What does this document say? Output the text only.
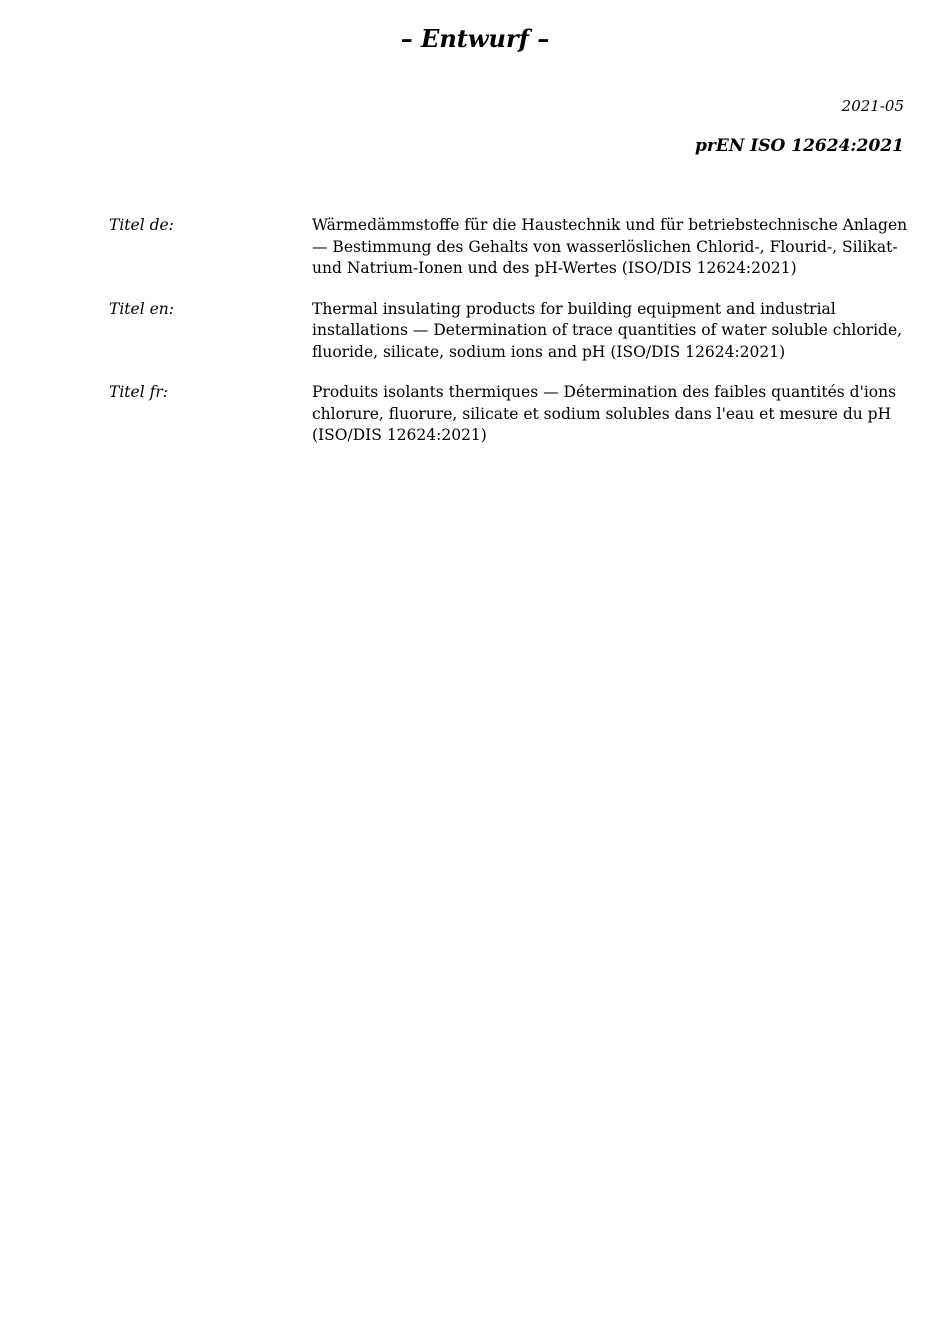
– Entwurf –
2021-05
prEN ISO 12624:2021
Titel de:	Wärmedämmstoffe für die Haustechnik und für betriebstechnische Anlagen — Bestimmung des Gehalts von wasserlöslichen Chlorid-, Flourid-, Silikat- und Natrium-Ionen und des pH-Wertes (ISO/DIS 12624:2021)
Titel en:	Thermal insulating products for building equipment and industrial installations — Determination of trace quantities of water soluble chloride, fluoride, silicate, sodium ions and pH (ISO/DIS 12624:2021)
Titel fr:	Produits isolants thermiques — Détermination des faibles quantités d'ions chlorure, fluorure, silicate et sodium solubles dans l'eau et mesure du pH (ISO/DIS 12624:2021)
